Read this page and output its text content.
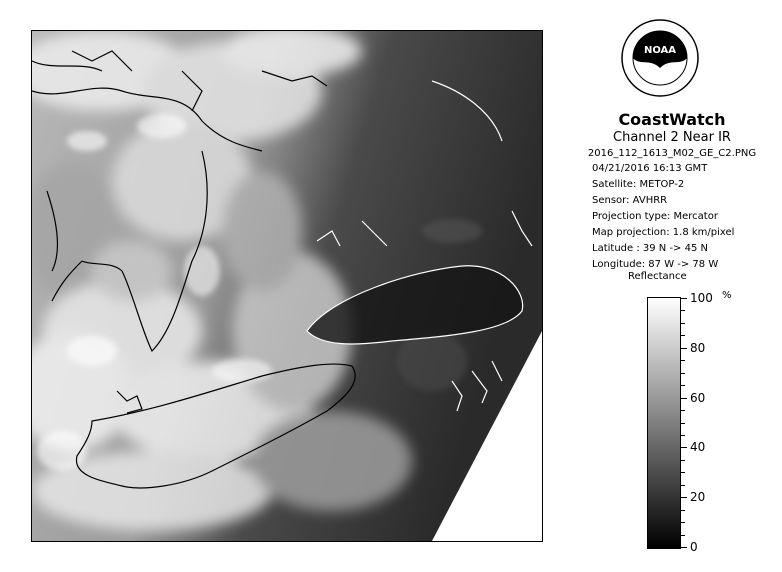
NOAA
CoastWatch
Channel 2 Near IR
2016_112_1613_M02_GE_C2.PNG
04/21/2016 16:13 GMT
Satellite: METOP-2
Sensor: AVHRR
Projection type: Mercator
Map projection: 1.8 km/pixel
Latitude : 39 N -> 45 N
Longitude: 87 W -> 78 W
Reflectance
%
100
80
60
40
20
0
